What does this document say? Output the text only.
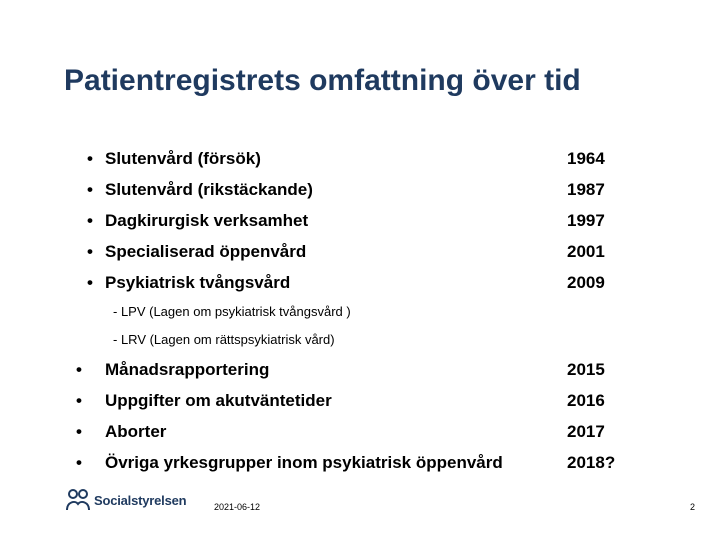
Patientregistrets omfattning över tid
• Slutenvård (försök)	1964
• Slutenvård (rikstäckande)	1987
• Dagkirurgisk verksamhet	1997
• Specialiserad öppenvård	2001
• Psykiatrisk tvångsvård	2009
- LPV (Lagen om psykiatrisk tvångsvård )
- LRV (Lagen om rättspsykiatrisk vård)
• Månadsrapportering	2015
• Uppgifter om akutväntetider	2016
• Aborter	2017
• Övriga yrkesgrupper inom psykiatrisk öppenvård	2018?
Socialstyrelsen	2021-06-12	2
